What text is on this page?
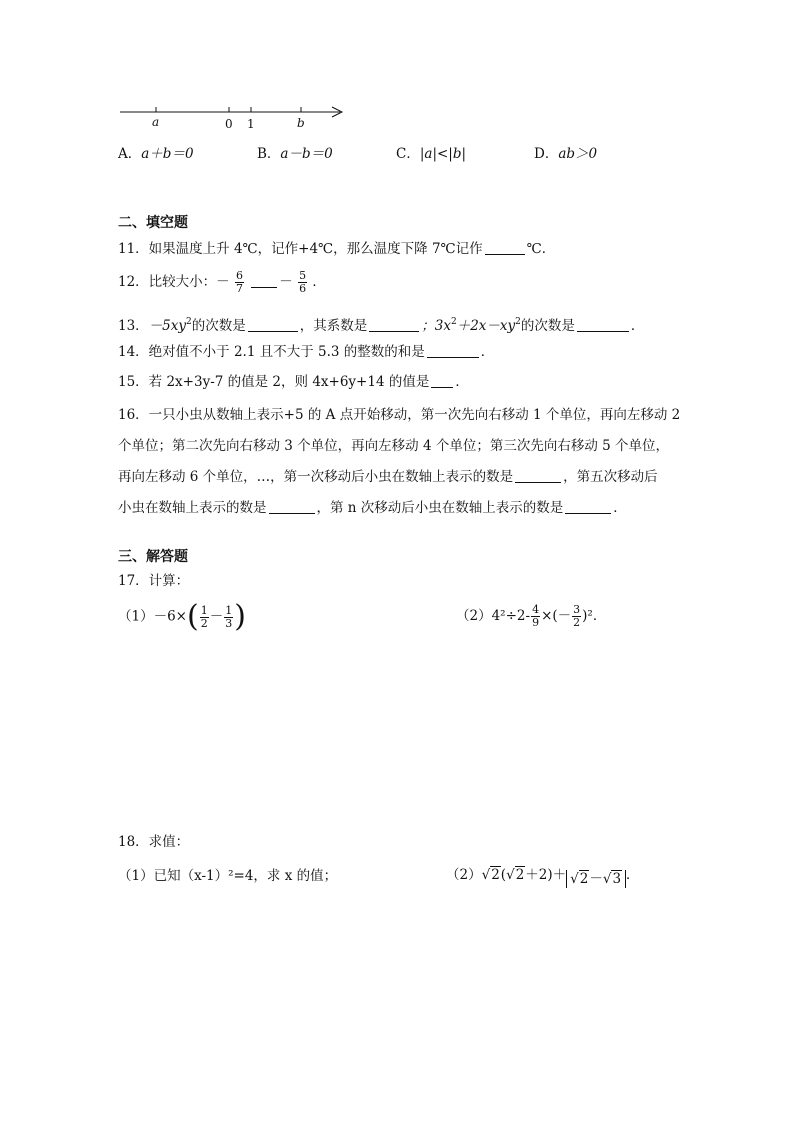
a	0 1	b
A．a＋b＝0	B．a－b＝0	C．|a|<|b|	D．ab＞0
二、填空题
11．如果温度上升 4℃，记作+4℃，那么温度下降 7℃记作	℃．
12．比较大小：－ $\frac{6}{7}$	－ $\frac{5}{6}$ ．
13．$-5xy^2$的次数是	，其系数是	；$3x^2+2x-xy^2$的次数是	．
14．绝对值不小于 2.1 且不大于 5.3 的整数的和是	．
15．若 2x+3y-7 的值是 2，则 4x+6y+14 的值是 ．
16．一只小虫从数轴上表示+5 的 A 点开始移动，第一次先向右移动 1 个单位，再向左移动 2
个单位；第二次先向右移动 3 个单位，再向左移动 4 个单位；第三次先向右移动 5 个单位，
再向左移动 6 个单位，…，第一次移动后小虫在数轴上表示的数是	，第五次移动后
小虫在数轴上表示的数是	，第 n 次移动后小虫在数轴上表示的数是	．
三、解答题
17．计算：
$(1)-6\times( \frac{1}{2} - \frac{1}{3}$ )	$(2)4^2\div 2- \frac{4}{9}$ ×(－ $\frac{3}{2} )^2$．
18．求值：
（1）已知（x-1）²=4，求 x 的值；	（2）√2(√2＋2)＋ √2－√3 ．
